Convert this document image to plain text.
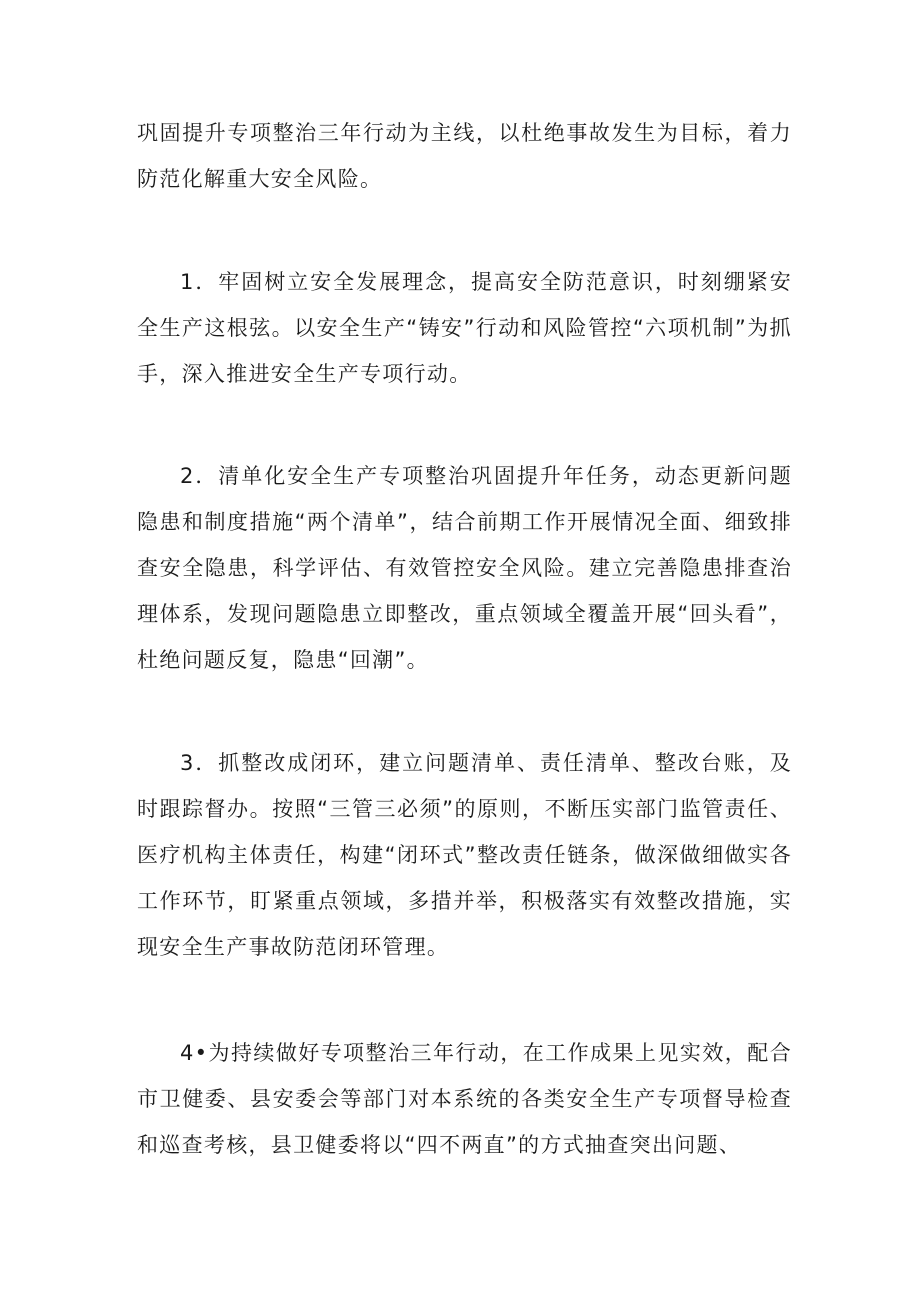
巩固提升专项整治三年行动为主线，以杜绝事故发生为目标，着力防范化解重大安全风险。

1．牢固树立安全发展理念，提高安全防范意识，时刻绷紧安全生产这根弦。以安全生产“铸安”行动和风险管控“六项机制”为抓手，深入推进安全生产专项行动。

2．清单化安全生产专项整治巩固提升年任务，动态更新问题隐患和制度措施“两个清单”，结合前期工作开展情况全面、细致排查安全隐患，科学评估、有效管控安全风险。建立完善隐患排查治理体系，发现问题隐患立即整改，重点领域全覆盖开展“回头看”，杜绝问题反复，隐患“回潮”。

3．抓整改成闭环，建立问题清单、责任清单、整改台账，及时跟踪督办。按照“三管三必须”的原则，不断压实部门监管责任、医疗机构主体责任，构建“闭环式”整改责任链条，做深做细做实各工作环节，盯紧重点领域，多措并举，积极落实有效整改措施，实现安全生产事故防范闭环管理。

4•为持续做好专项整治三年行动，在工作成果上见实效，配合市卫健委、县安委会等部门对本系统的各类安全生产专项督导检查和巡查考核，县卫健委将以“四不两直”的方式抽查突出问题、
